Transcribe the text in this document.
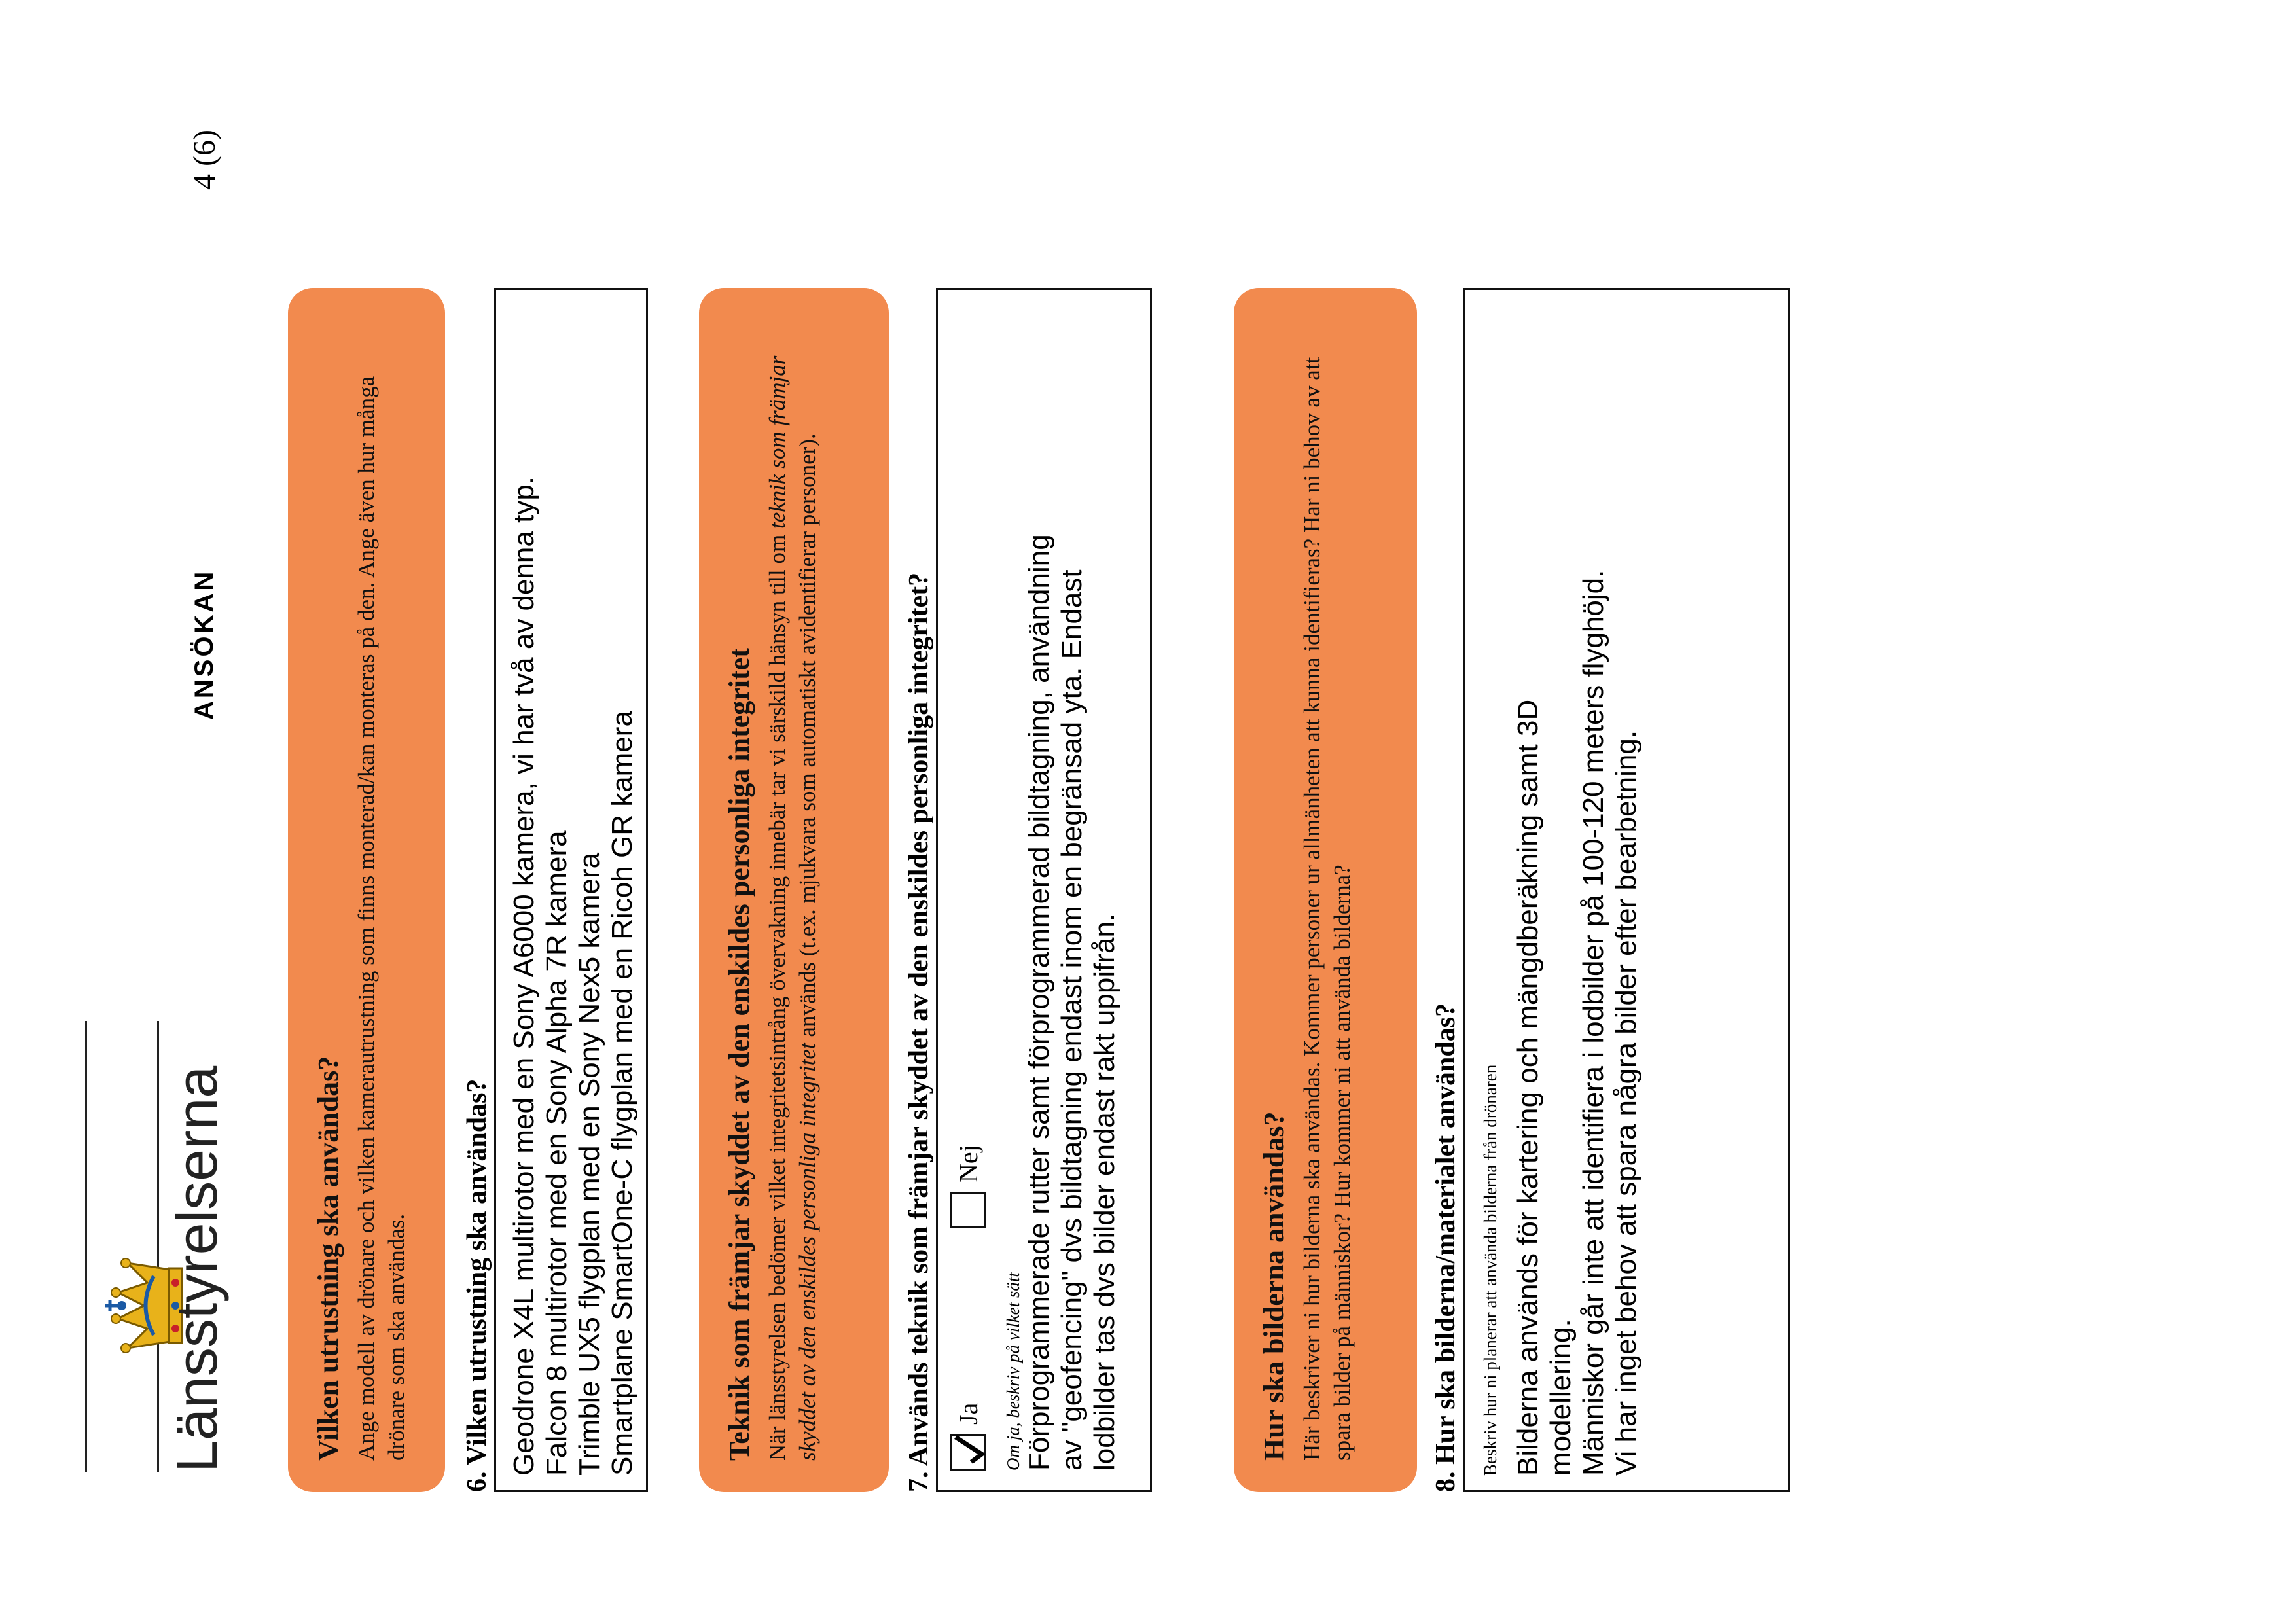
Länsstyrelserna
ANSÖKAN
4 (6)
Vilken utrustning ska användas? Ange modell av drönare och vilken kamerautrustning som finns monterad/kan monteras på den. Ange även hur många drönare som ska användas. 6. Vilken utrustning ska användas? Geodrone X4L multirotor med en Sony A6000 kamera, vi har två av denna typ. Falcon 8 multirotor med en Sony Alpha 7R kamera Trimble UX5 flygplan med en Sony Nex5 kamera Smartplane SmartOne-C flygplan med en Ricoh GR kamera	Teknik som främjar skyddet av den enskildes personliga integritet När länsstyrelsen bedömer vilket integritetsintrång övervakning innebär tar vi särskild hänsyn till om teknik som främjar skyddet av den enskildes personliga integritet används (t.ex. mjukvara som automatiskt avidentifierar personer).	7. Används teknik som främjar skyddet av den enskildes personliga integritet? Ja
Nej
Om ja, beskriv på vilket sätt Förprogrammerade rutter samt förprogrammerad bildtagning, användning av "geofencing" dvs bildtagning endast inom en begränsad yta. Endast lodbilder tas dvs bilder endast rakt uppifrån.	Hur ska bilderna användas? Här beskriver ni hur bilderna ska användas. Kommer personer ur allmänheten att kunna identifieras? Har ni behov av att spara bilder på människor? Hur kommer ni att använda bilderna?	8. Hur ska bilderna/materialet användas?	Beskriv hur ni planerar att använda bilderna från drönaren Bilderna används för kartering och mängdberäkning samt 3D modellering. Människor går inte att identifiera i lodbilder på 100-120 meters flyghöjd. Vi har inget behov att spara några bilder efter bearbetning.
